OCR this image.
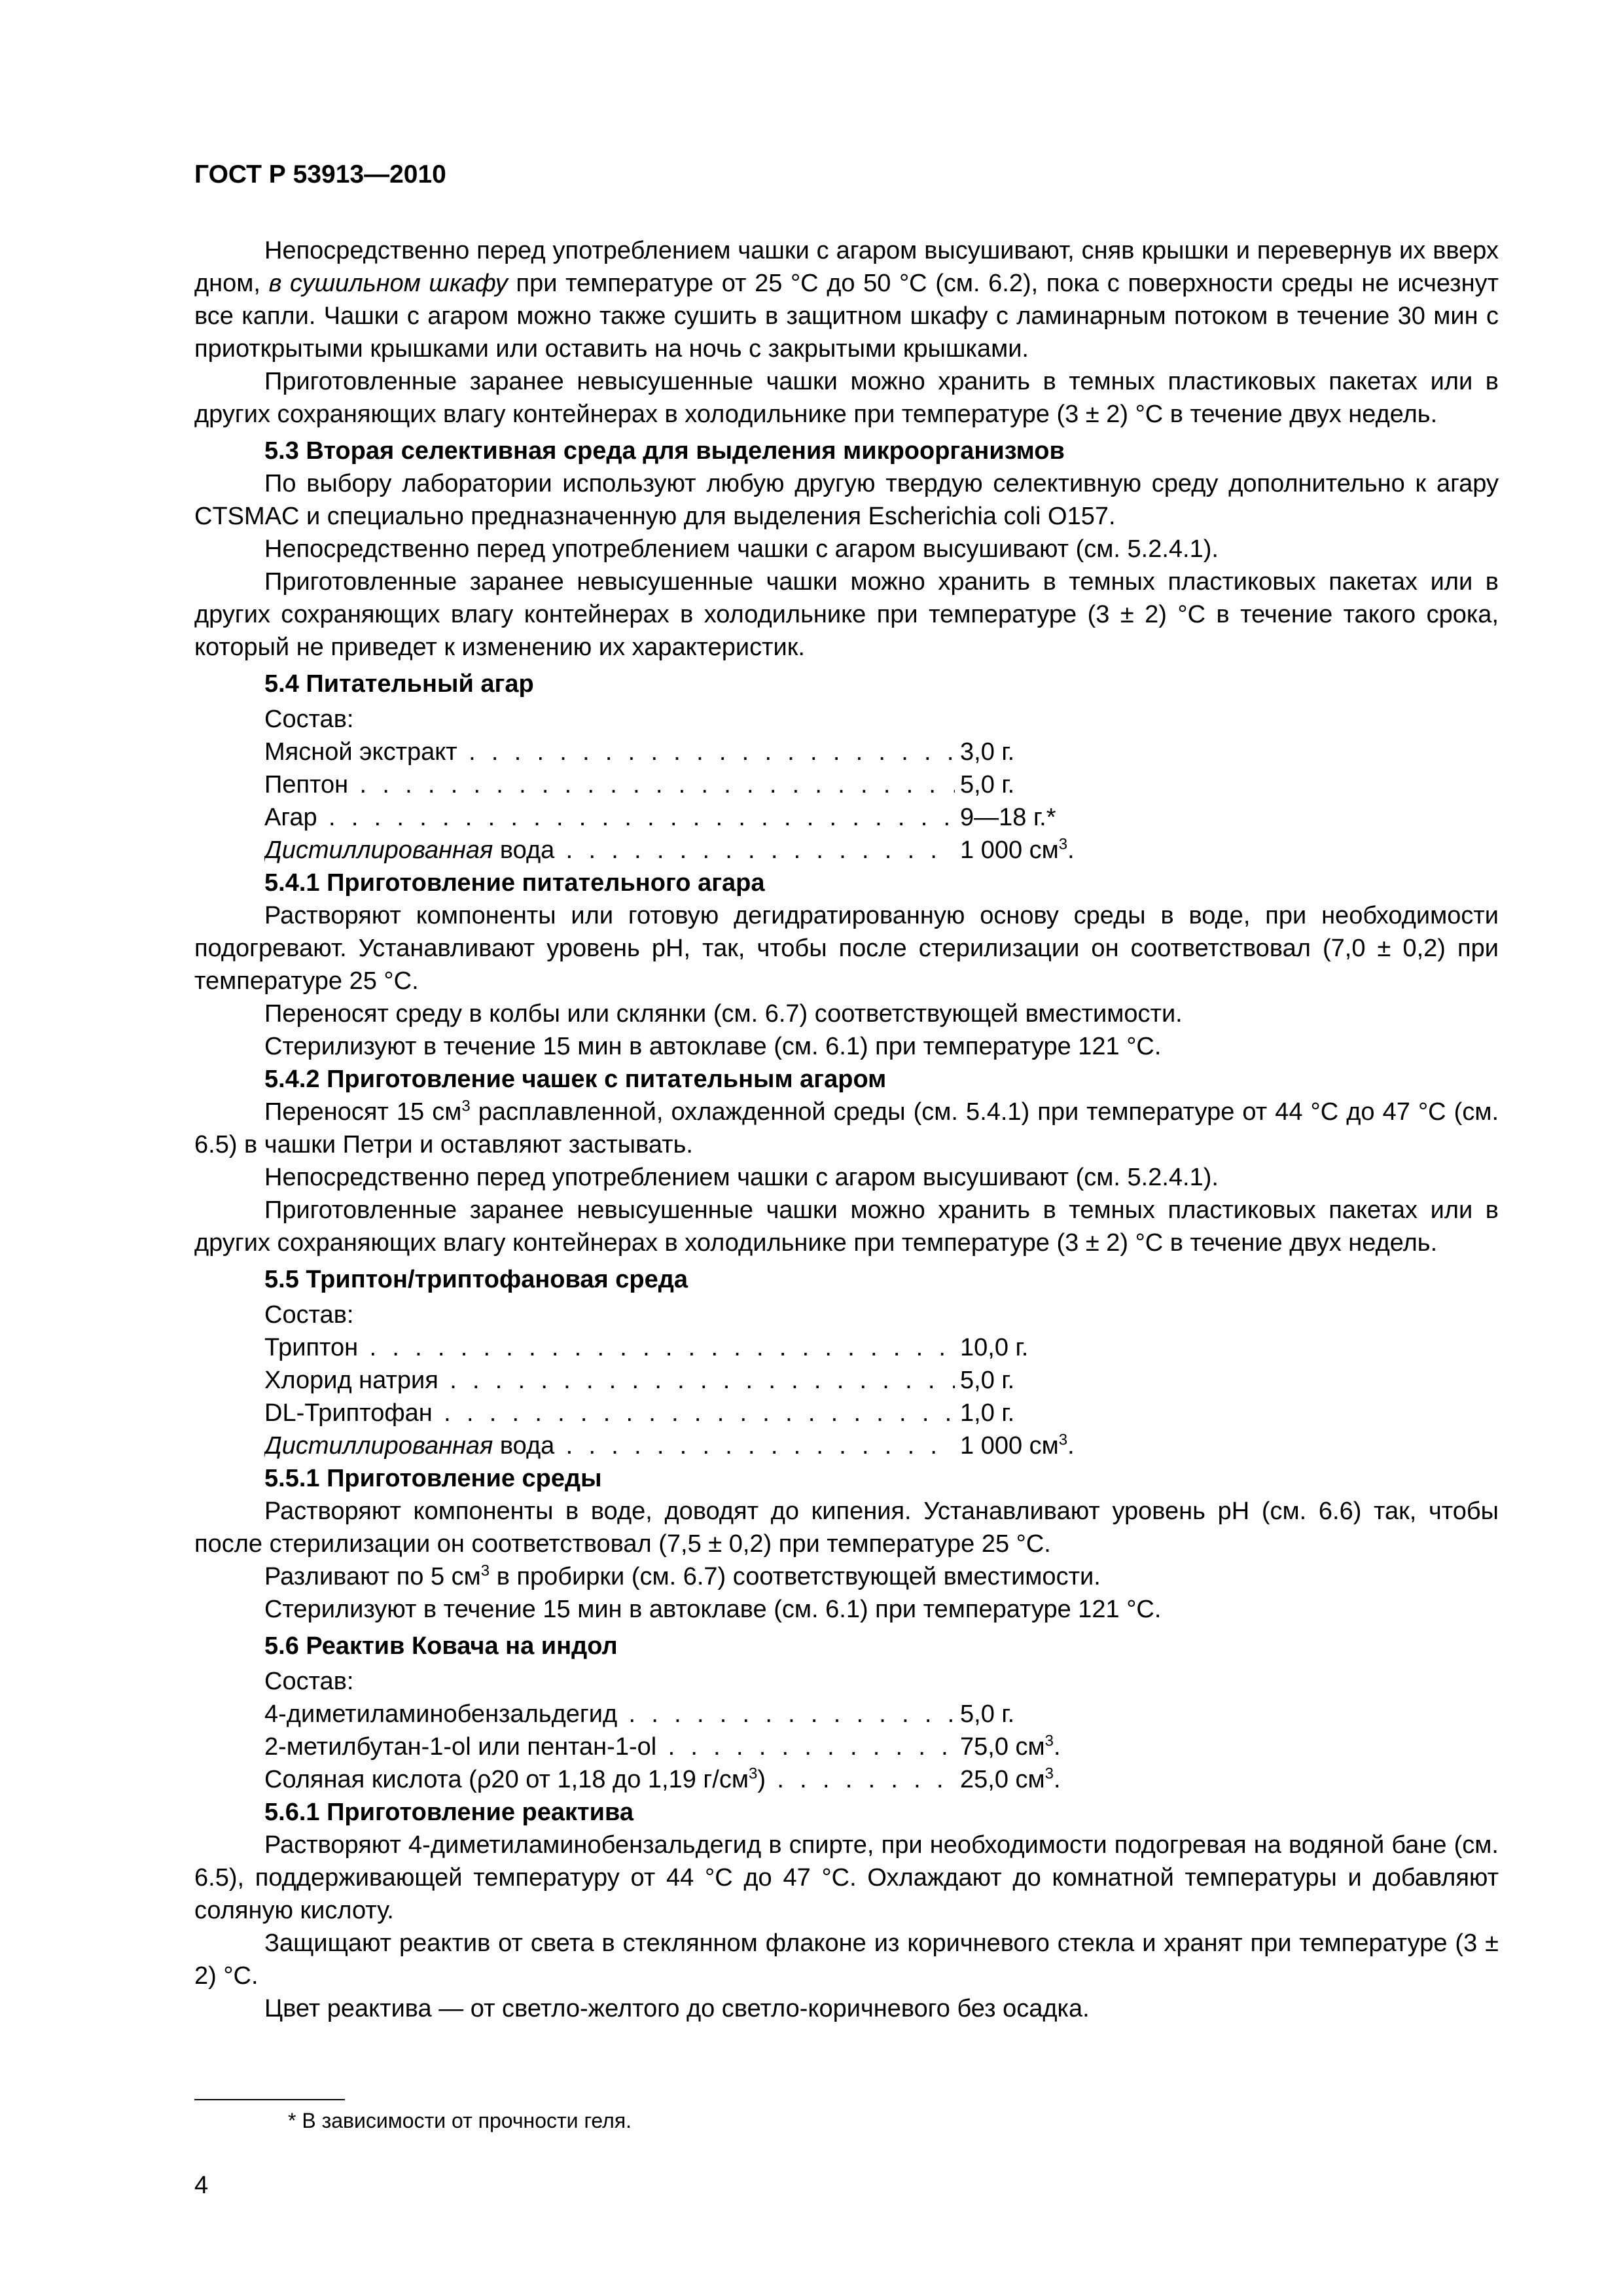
ГОСТ Р 53913—2010

Непосредственно перед употреблением чашки с агаром высушивают, сняв крышки и перевернув их вверх дном, в сушильном шкафу при температуре от 25 °С до 50 °С (см. 6.2), пока с поверхности среды не исчезнут все капли. Чашки с агаром можно также сушить в защитном шкафу с ламинарным потоком в течение 30 мин с приоткрытыми крышками или оставить на ночь с закрытыми крышками.

Приготовленные заранее невысушенные чашки можно хранить в темных пластиковых пакетах или в других сохраняющих влагу контейнерах в холодильнике при температуре (3 ± 2) °С в течение двух недель.

5.3 Вторая селективная среда для выделения микроорганизмов

По выбору лаборатории используют любую другую твердую селективную среду дополнительно к агару CTSMAC и специально предназначенную для выделения Escherichia coli O157.

Непосредственно перед употреблением чашки с агаром высушивают (см. 5.2.4.1).

Приготовленные заранее невысушенные чашки можно хранить в темных пластиковых пакетах или в других сохраняющих влагу контейнерах в холодильнике при температуре (3 ± 2) °С в течение такого срока, который не приведет к изменению их характеристик.

5.4 Питательный агар
Состав:
Мясной экстракт . . .	3,0 г.
Пептон . . .	5,0 г.
Агар . . .	9—18 г.*
Дистиллированная вода . . .	1 000 $см^3$.
5.4.1 Приготовление питательного агара

Растворяют компоненты или готовую дегидратированную основу среды в воде, при необходимости подогревают. Устанавливают уровень рН, так, чтобы после стерилизации он соответствовал (7,0 ± 0,2) при температуре 25 °С.

Переносят среду в колбы или склянки (см. 6.7) соответствующей вместимости.

Стерилизуют в течение 15 мин в автоклаве (см. 6.1) при температуре 121 °С.

5.4.2 Приготовление чашек с питательным агаром

Переносят 15 $см^3$ расплавленной, охлажденной среды (см. 5.4.1) при температуре от 44 °С до 47 °С (см. 6.5) в чашки Петри и оставляют застывать.

Непосредственно перед употреблением чашки с агаром высушивают (см. 5.2.4.1).

Приготовленные заранее невысушенные чашки можно хранить в темных пластиковых пакетах или в других сохраняющих влагу контейнерах в холодильнике при температуре (3 ± 2) °С в течение двух недель.

5.5 Триптон/триптофановая среда
Состав:
Триптон . . .	10,0 г.
Хлорид натрия . . .	5,0 г.
DL-Триптофан . . .	1,0 г.
Дистиллированная вода . . .	1 000 $см^3$.
5.5.1 Приготовление среды

Растворяют компоненты в воде, доводят до кипения. Устанавливают уровень рН (см. 6.6) так, чтобы после стерилизации он соответствовал (7,5 ± 0,2) при температуре 25 °С.

Разливают по 5 $см^3$ в пробирки (см. 6.7) соответствующей вместимости.

Стерилизуют в течение 15 мин в автоклаве (см. 6.1) при температуре 121 °С.

5.6 Реактив Ковача на индол
Состав:
4-диметиламинобензальдегид . . .	5,0 г.
2-метилбутан-1-ol или пентан-1-ol . . .	75,0 $см^3$.
Соляная кислота (ρ20 от 1,18 до 1,19 $г/см^3$) . . .	25,0 $см^3$.
5.6.1 Приготовление реактива

Растворяют 4-диметиламинобензальдегид в спирте, при необходимости подогревая на водяной бане (см. 6.5), поддерживающей температуру от 44 °С до 47 °С. Охлаждают до комнатной температуры и добавляют соляную кислоту.

Защищают реактив от света в стеклянном флаконе из коричневого стекла и хранят при температуре (3 ± 2) °С.

Цвет реактива — от светло-желтого до светло-коричневого без осадка.

* В зависимости от прочности геля.
4
